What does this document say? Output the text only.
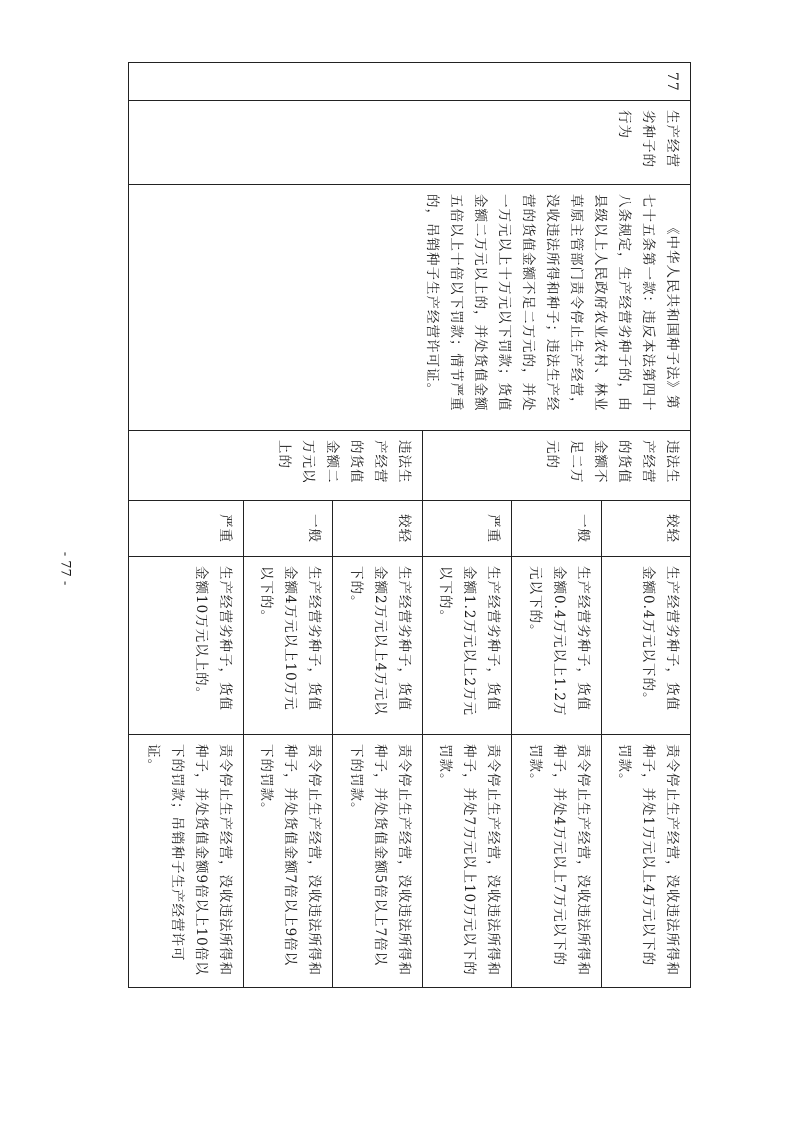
- 77 -
77	生产经营劣种子的行为	《中华人民共和国种子法》第七十五条第一款：违反本法第四十八条规定，生产经营劣种子的，由县级以上人民政府农业农村、林业草原主管部门责令停止生产经营，没收违法所得和种子；违法生产经营的货值金额不足二万元的，并处一万元以上十万元以下罚款；货值金额二万元以上的，并处货值金额五倍以上十倍以下罚款；情节严重的，吊销种子生产经营许可证。	违法生产经营的货值金额不足二万元的	较轻	生产经营劣种子，货值金额0.4万元以下的。	责令停止生产经营，没收违法所得和种子，并处1万元以上4万元以下的罚款。
				一般	生产经营劣种子，货值金额0.4万元以上1.2万元以下的。	责令停止生产经营，没收违法所得和种子，并处4万元以上7万元以下的罚款。
				严重	生产经营劣种子，货值金额1.2万元以上2万元以下的。	责令停止生产经营，没收违法所得和种子，并处7万元以上10万元以下的罚款。
			违法生产经营的货值金额二万元以上的	较轻	生产经营劣种子，货值金额2万元以上4万元以下的。	责令停止生产经营，没收违法所得和种子，并处货值金额5倍以上7倍以下的罚款。
				一般	生产经营劣种子，货值金额4万元以上10万元以下的。	责令停止生产经营，没收违法所得和种子，并处货值金额7倍以上9倍以下的罚款。
				严重	生产经营劣种子，货值金额10万元以上的。	责令停止生产经营，没收违法所得和种子，并处货值金额9倍以上10倍以下的罚款；吊销种子生产经营许可证。
